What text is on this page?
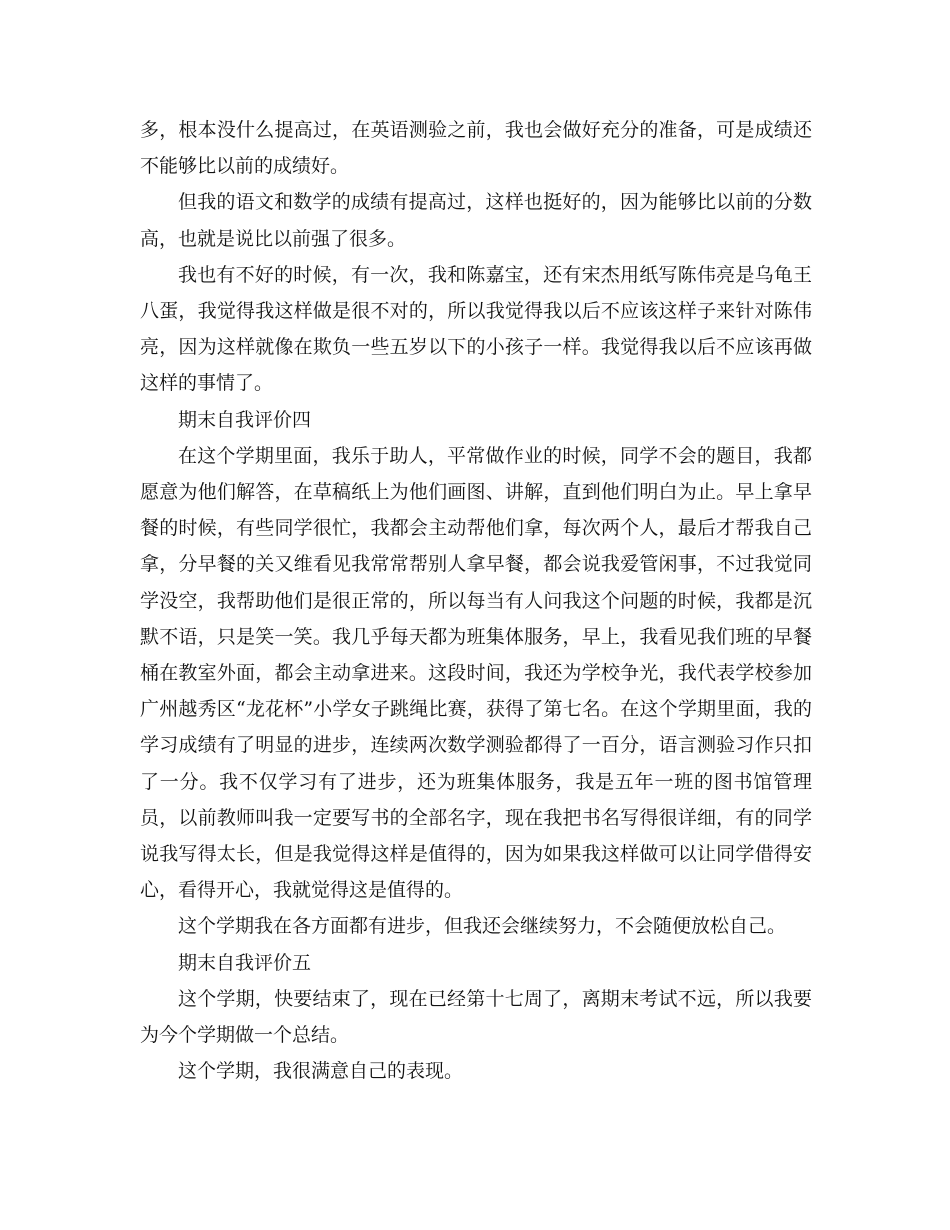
多，根本没什么提高过，在英语测验之前，我也会做好充分的准备，可是成绩还不能够比以前的成绩好。

但我的语文和数学的成绩有提高过，这样也挺好的，因为能够比以前的分数高，也就是说比以前强了很多。

我也有不好的时候，有一次，我和陈嘉宝，还有宋杰用纸写陈伟亮是乌龟王八蛋，我觉得我这样做是很不对的，所以我觉得我以后不应该这样子来针对陈伟亮，因为这样就像在欺负一些五岁以下的小孩子一样。我觉得我以后不应该再做这样的事情了。

期末自我评价四

在这个学期里面，我乐于助人，平常做作业的时候，同学不会的题目，我都愿意为他们解答，在草稿纸上为他们画图、讲解，直到他们明白为止。早上拿早餐的时候，有些同学很忙，我都会主动帮他们拿，每次两个人，最后才帮我自己拿，分早餐的关又维看见我常常帮别人拿早餐，都会说我爱管闲事，不过我觉同学没空，我帮助他们是很正常的，所以每当有人问我这个问题的时候，我都是沉默不语，只是笑一笑。我几乎每天都为班集体服务，早上，我看见我们班的早餐桶在教室外面，都会主动拿进来。这段时间，我还为学校争光，我代表学校参加广州越秀区“龙花杯”小学女子跳绳比赛，获得了第七名。在这个学期里面，我的学习成绩有了明显的进步，连续两次数学测验都得了一百分，语言测验习作只扣了一分。我不仅学习有了进步，还为班集体服务，我是五年一班的图书馆管理员，以前教师叫我一定要写书的全部名字，现在我把书名写得很详细，有的同学说我写得太长，但是我觉得这样是值得的，因为如果我这样做可以让同学借得安心，看得开心，我就觉得这是值得的。

这个学期我在各方面都有进步，但我还会继续努力，不会随便放松自己。

期末自我评价五

这个学期，快要结束了，现在已经第十七周了，离期末考试不远，所以我要为今个学期做一个总结。

这个学期，我很满意自己的表现。
